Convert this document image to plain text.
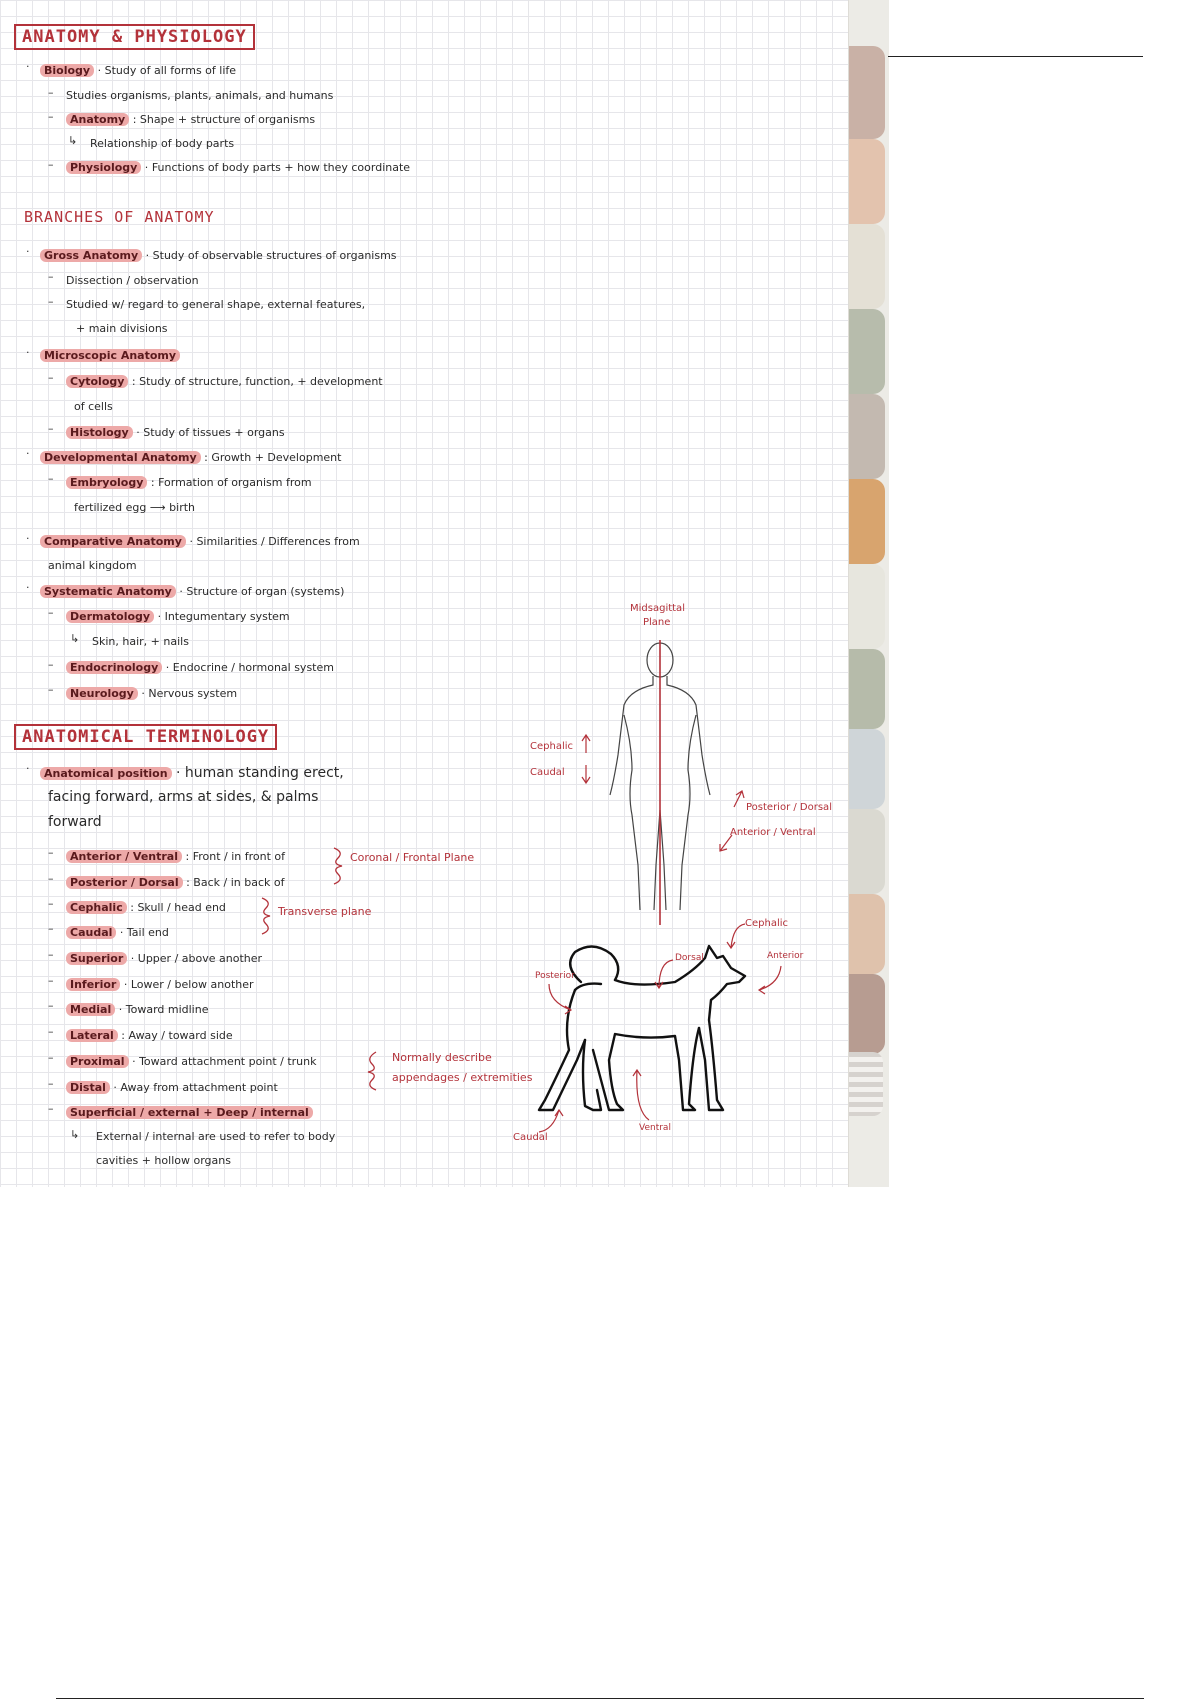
ANATOMY & PHYSIOLOGY
·	Biology · Study of all forms of life
– Studies organisms, plants, animals, and humans
–	Anatomy : Shape + structure of organisms
↳ Relationship of body parts
–	Physiology · Functions of body parts + how they coordinate
BRANCHES OF ANATOMY
·	Gross Anatomy · Study of observable structures of organisms
– Dissection / observation
– Studied w/ regard to general shape, external features,
+ main divisions
·	Microscopic Anatomy
–	Cytology : Study of structure, function, + development
of cells
–	Histology · Study of tissues + organs
·	Developmental Anatomy : Growth + Development
–	Embryology : Formation of organism from
fertilized egg ⟶ birth
·	Comparative Anatomy · Similarities / Differences from
animal kingdom
·	Systematic Anatomy · Structure of organ (systems)
–	Dermatology · Integumentary system
↳ Skin, hair, + nails
–	Endocrinology · Endocrine / hormonal system
–	Neurology · Nervous system
ANATOMICAL TERMINOLOGY
·	Anatomical position · human standing erect,
facing forward, arms at sides, & palms
forward
–	Anterior / Ventral : Front / in front of
–	Posterior / Dorsal : Back / in back of
–	Cephalic : Skull / head end
–	Caudal · Tail end
–	Superior · Upper / above another
–	Inferior · Lower / below another
–	Medial · Toward midline
–	Lateral : Away / toward side
–	Proximal · Toward attachment point / trunk
–	Distal · Away from attachment point
–	Superficial / external + Deep / internal
↳ External / internal are used to refer to body
cavities + hollow organs
Coronal / Frontal Plane
Transverse plane
Normally describe
appendages / extremities
Midsagittal
Plane
Cephalic
Caudal
Posterior / Dorsal
Anterior / Ventral
Cephalic
Dorsal	Anterior
Posterior
Caudal
Ventral
